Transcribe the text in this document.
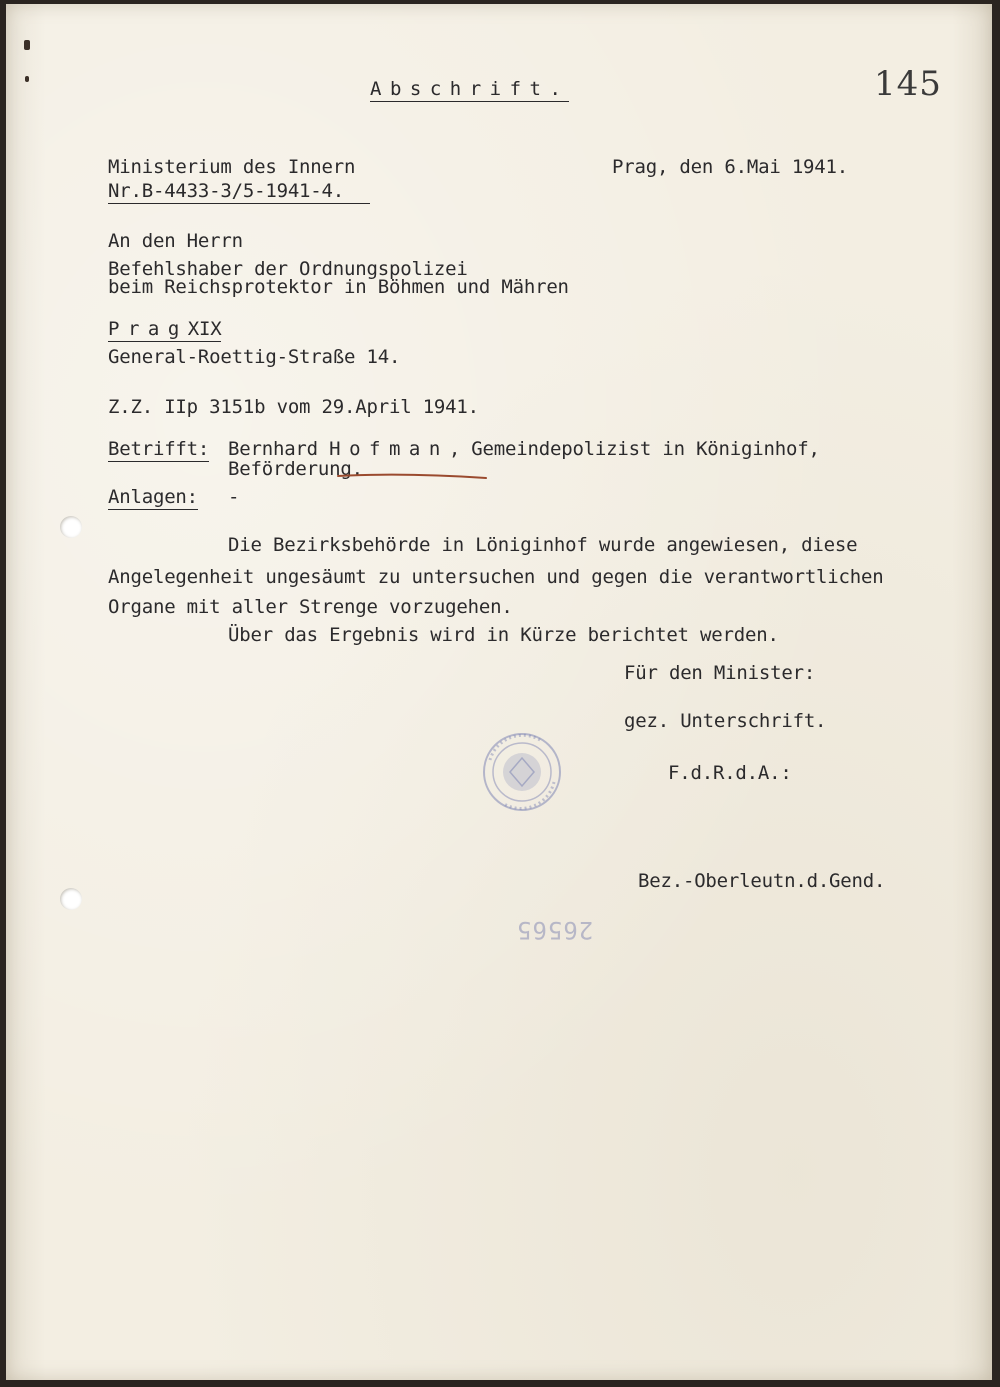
Abschrift.	145
Ministerium des Innern
Nr.B-4433-3/5-1941-4.
Prag, den 6.Mai 1941.
An den Herrn
Befehlshaber der Ordnungspolizei
beim Reichsprotektor in Böhmen und Mähren
PragXIX
General-Roettig-Straße 14.
Z.Z. IIp 3151b vom 29.April 1941.
Betrifft: Bernhard Hofman, Gemeindepolizist in Königinhof,
Beförderung.
Anlagen: -
Die Bezirksbehörde in Löniginhof wurde angewiesen, diese
Angelegenheit ungesäumt zu untersuchen und gegen die verantwortlichen
Organe mit aller Strenge vorzugehen.
Über das Ergebnis wird in Kürze berichtet werden.
Für den Minister:
gez. Unterschrift.
F.d.R.d.A.:
Bez.-Oberleutn.d.Gend.
26565
